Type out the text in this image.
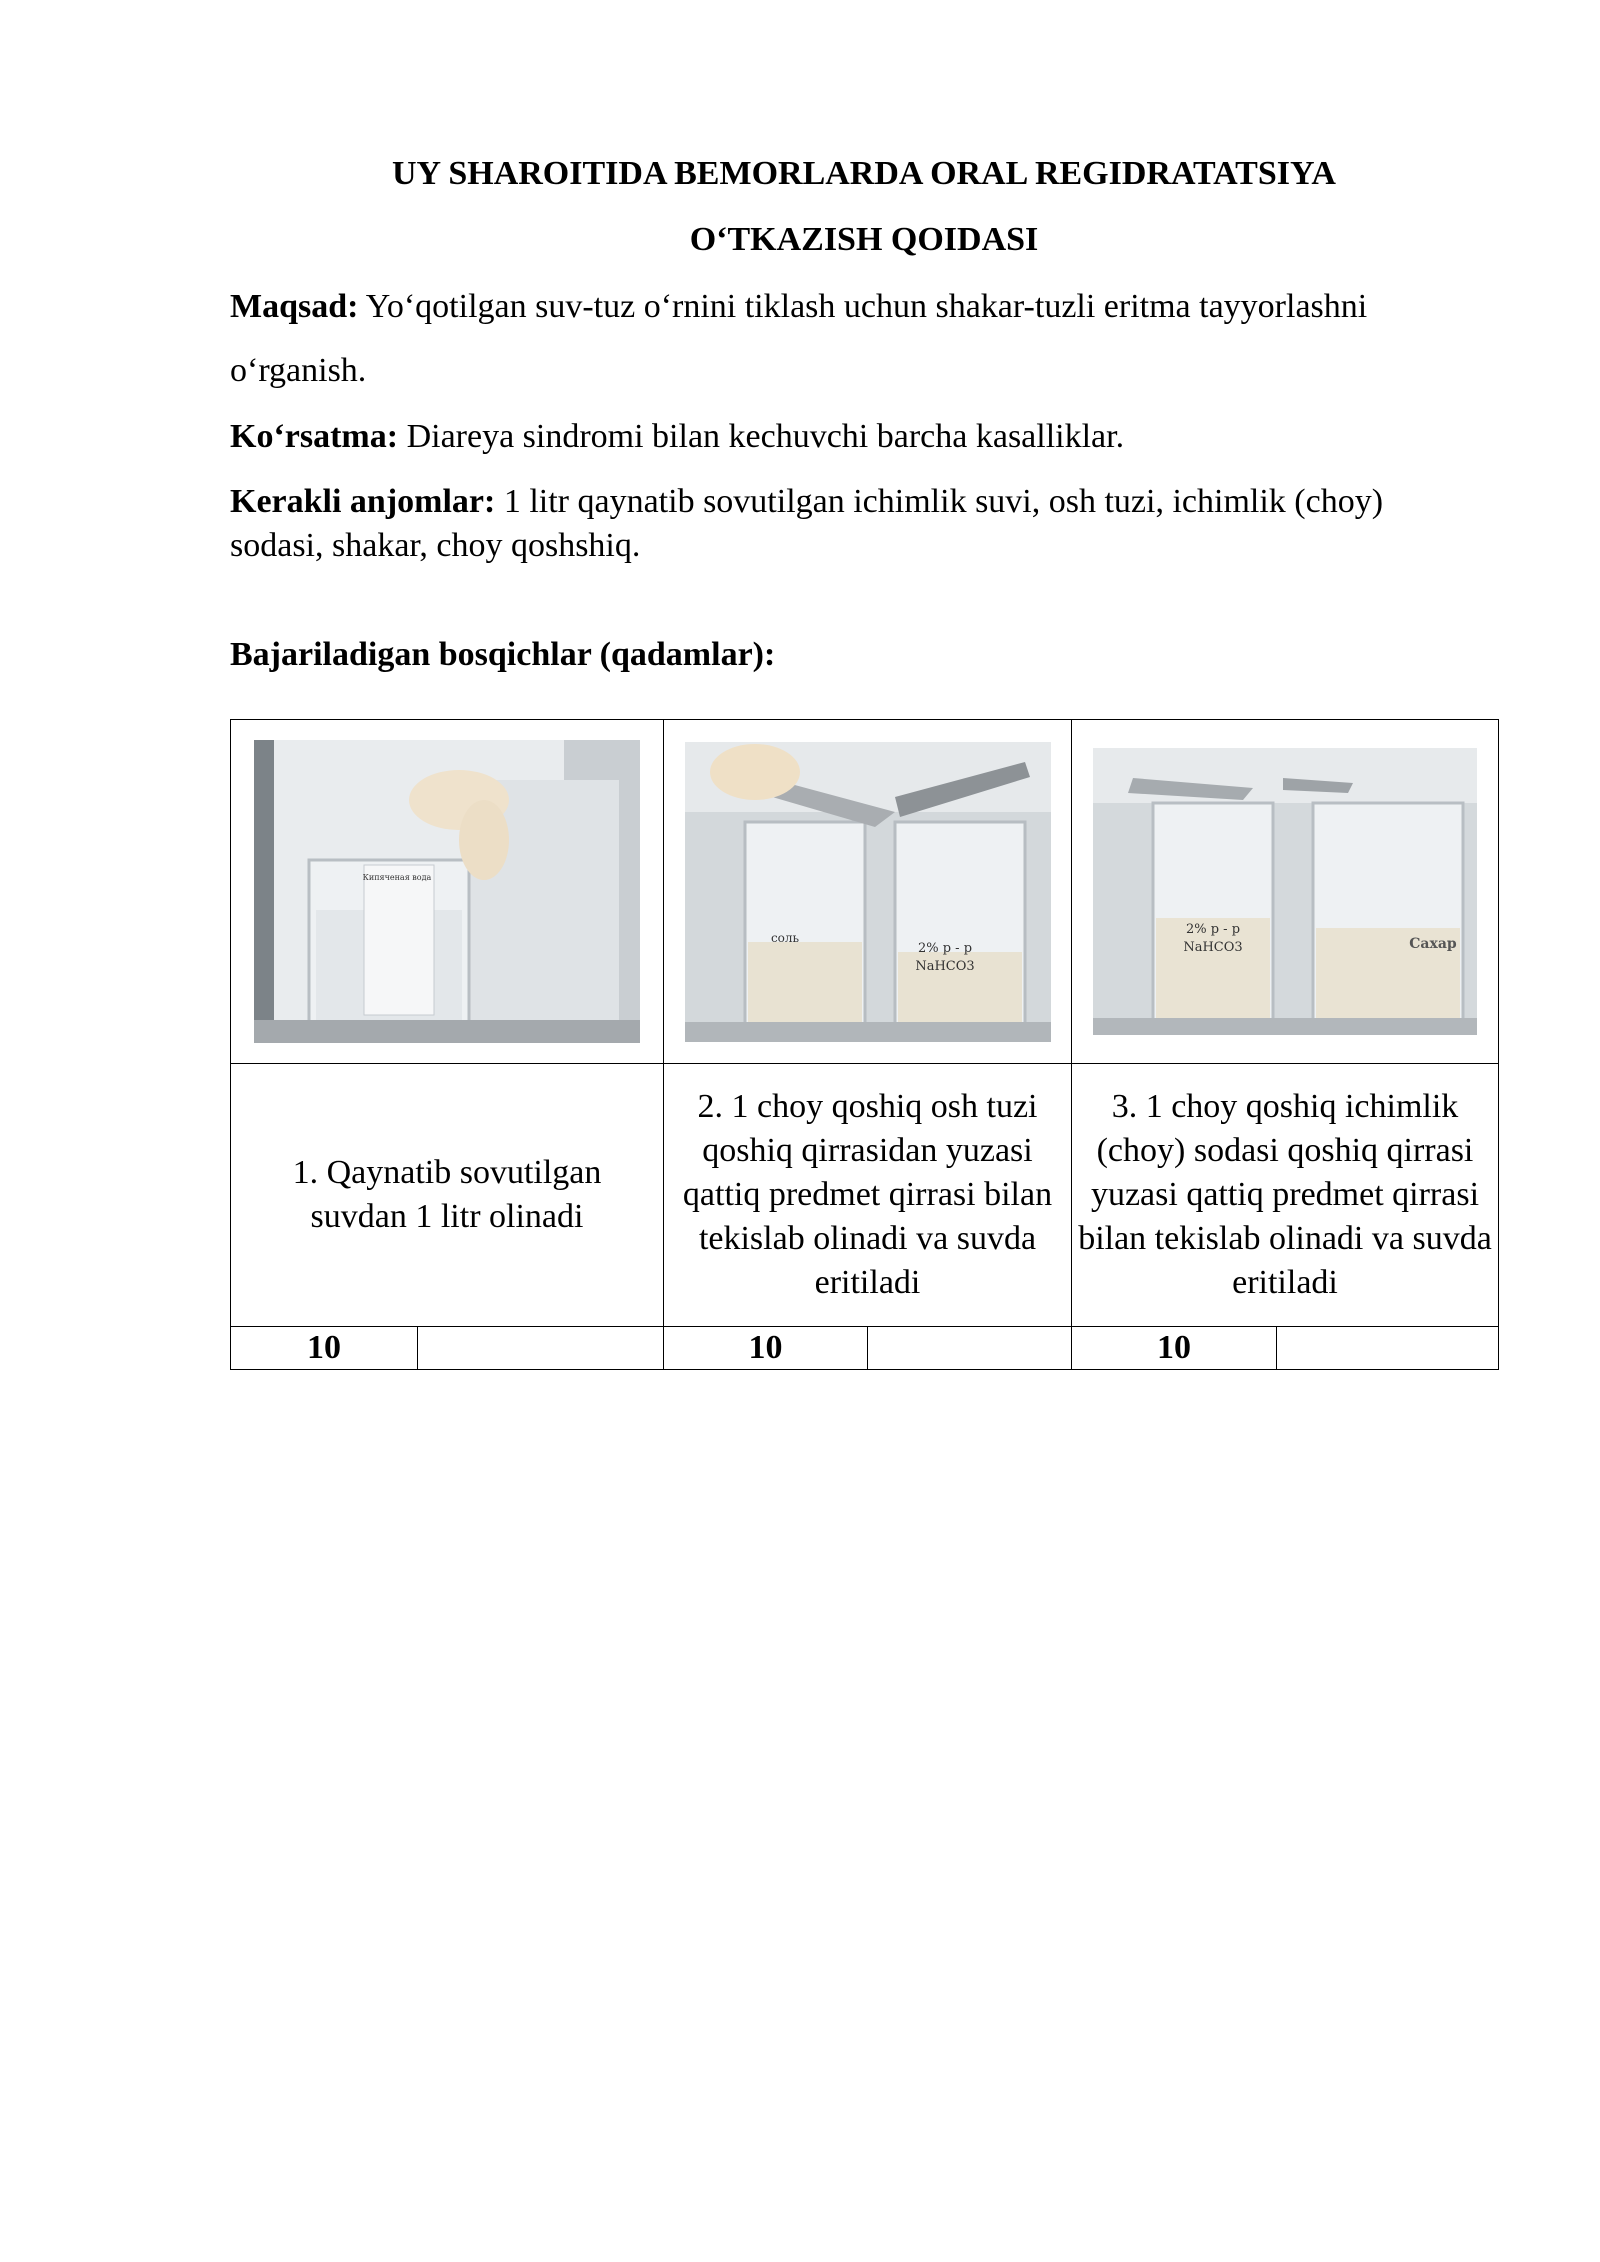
UY SHAROITIDA BEMORLARDA ORAL REGIDRATATSIYA
O‘TKAZISH QOIDASI
Maqsad: Yo‘qotilgan suv-tuz o‘rnini tiklash uchun shakar-tuzli eritma tayyorlashni
o‘rganish.
Ko‘rsatma: Diareya sindromi bilan kechuvchi barcha kasalliklar.
Kerakli anjomlar: 1 litr qaynatib sovutilgan ichimlik suvi, osh tuzi, ichimlik (choy)
sodasi, shakar, choy qoshshiq.
Bajariladigan bosqichlar (qadamlar):
Кипяченая вода		соль
2% р - р
NaHCO3		2% р - р
NaHCO3 Сахар	

1. Qaynatib sovutilgan suvdan 1 litr olinadi		2. 1 choy qoshiq osh tuzi qoshiq qirrasidan yuzasi qattiq predmet qirrasi bilan tekislab olinadi va suvda eritiladi		3. 1 choy qoshiq ichimlik (choy) sodasi qoshiq qirrasi yuzasi qattiq predmet qirrasi bilan tekislab olinadi va suvda eritiladi	

10		10		10	
